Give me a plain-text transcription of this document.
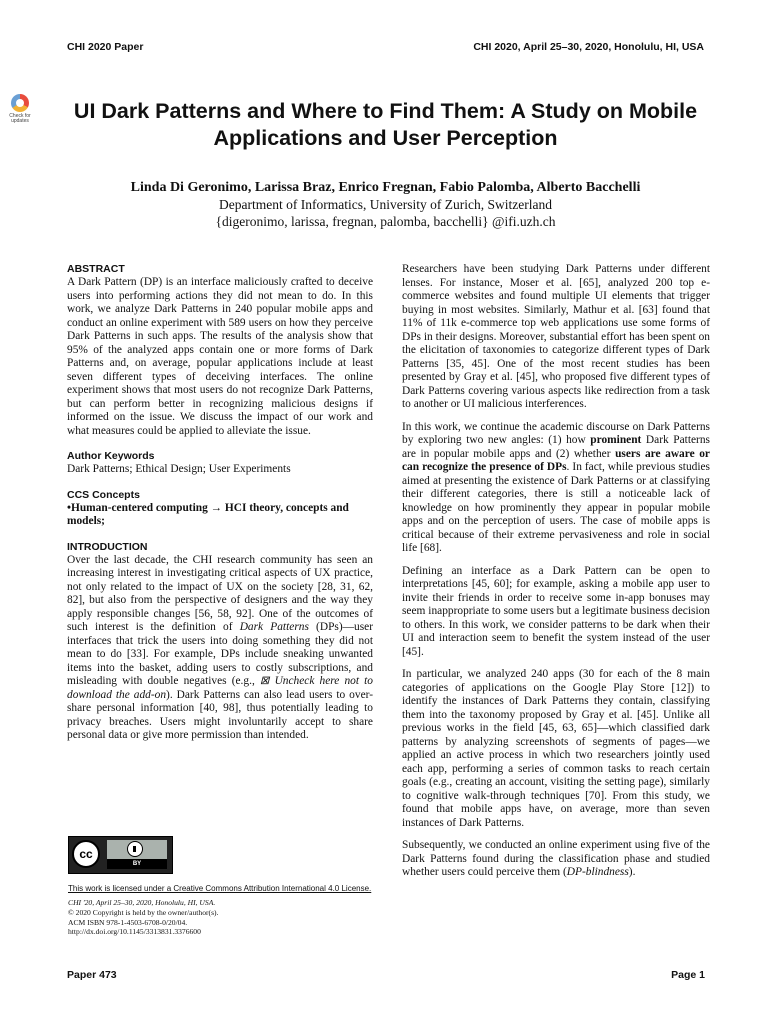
CHI 2020 Paper	CHI 2020, April 25–30, 2020, Honolulu, HI, USA
Check for updates	UI Dark Patterns and Where to Find Them: A Study on Mobile Applications and User Perception
Linda Di Geronimo, Larissa Braz, Enrico Fregnan, Fabio Palomba, Alberto Bacchelli
Department of Informatics, University of Zurich, Switzerland
{digeronimo, larissa, fregnan, palomba, bacchelli} @ifi.uzh.ch

ABSTRACT

A Dark Pattern (DP) is an interface maliciously crafted to deceive users into performing actions they did not mean to do. In this work, we analyze Dark Patterns in 240 popular mobile apps and conduct an online experiment with 589 users on how they perceive Dark Patterns in such apps. The results of the analysis show that 95% of the analyzed apps contain one or more forms of Dark Patterns and, on average, popular applications include at least seven different types of deceiving interfaces. The online experiment shows that most users do not recognize Dark Patterns, but can perform better in recognizing malicious designs if informed on the issue. We discuss the impact of our work and what measures could be applied to alleviate the issue.

Author Keywords

Dark Patterns; Ethical Design; User Experiments

CCS Concepts

•Human-centered computing → HCI theory, concepts and models;

INTRODUCTION

Over the last decade, the CHI research community has seen an increasing interest in investigating critical aspects of UX practice, not only related to the impact of UX on the society [28, 31, 62, 82], but also from the perspective of designers and the way they apply responsible changes [56, 58, 92]. One of the outcomes of such interest is the definition of Dark Patterns (DPs)—user interfaces that trick the users into doing something they did not mean to do [33]. For example, DPs include sneaking unwanted items into the basket, adding users to costly subscriptions, and misleading with double negatives (e.g., ⊠ Uncheck here not to download the add-on). Dark Patterns can also lead users to over-share personal information [40, 98], thus potentially leading to privacy breaches. Users might involuntarily accept to share personal data or give more permission than intended.

Researchers have been studying Dark Patterns under different lenses. For instance, Moser et al. [65], analyzed 200 top e-commerce websites and found multiple UI elements that trigger buying in most websites. Similarly, Mathur et al. [63] found that 11% of 11k e-commerce top web applications use some forms of DPs in their designs. Moreover, substantial effort has been spent on the elicitation of taxonomies to categorize different types of Dark Patterns [35, 45]. One of the most recent studies has been presented by Gray et al. [45], who proposed five different types of Dark Patterns covering various aspects like redirection from a task to another or UI malicious interferences.

In this work, we continue the academic discourse on Dark Patterns by exploring two new angles: (1) how prominent Dark Patterns are in popular mobile apps and (2) whether users are aware or can recognize the presence of DPs. In fact, while previous studies aimed at presenting the existence of Dark Patterns or at classifying their different categories, there is still a noticeable lack of knowledge on how prominently they appear in popular mobile apps and on the perception of users. The case of mobile apps is critical because of their extreme pervasiveness and role in social life [68].

Defining an interface as a Dark Pattern can be open to interpretations [45, 60]; for example, asking a mobile app user to invite their friends in order to receive some in-app bonuses may seem inappropriate to some users but a legitimate business decision to others. In this work, we consider patterns to be dark when their UI and interaction seem to benefit the system instead of the user [45].

In particular, we analyzed 240 apps (30 for each of the 8 main categories of applications on the Google Play Store [12]) to identify the instances of Dark Patterns they contain, classifying them into the taxonomy proposed by Gray et al. [45]. Unlike all previous works in the field [45, 63, 65]—which classified dark patterns by analyzing screenshots of segments of pages—we applied an active process in which two researchers jointly used each app, performing a series of common tasks to reach certain goals (e.g., creating an account, visiting the setting page), similarly to cognitive walk-through techniques [70]. From this study, we found that mobile apps have, on average, more than seven instances of Dark Patterns.

Subsequently, we conducted an online experiment using five of the Dark Patterns found during the classification phase and studied whether users could perceive them (DP-blindness).

cc
BY
This work is licensed under a Creative Commons Attribution International 4.0 License.
CHI '20, April 25–30, 2020, Honolulu, HI, USA.
© 2020 Copyright is held by the owner/author(s).
ACM ISBN 978-1-4503-6708-0/20/04.
http://dx.doi.org/10.1145/3313831.3376600
Paper 473	Page 1
